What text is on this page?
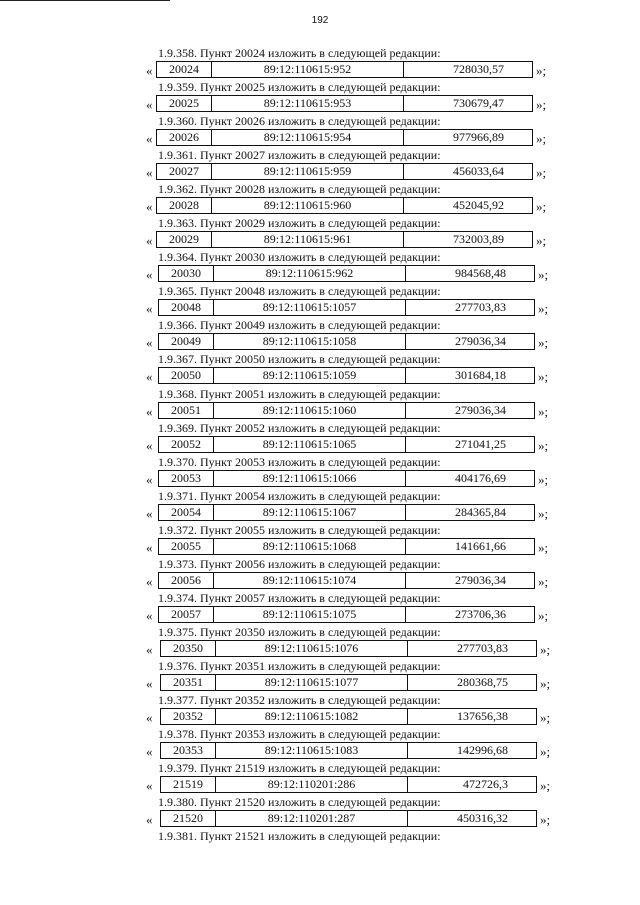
192
1.9.358. Пункт 20024 изложить в следующей редакции:
«	20024	89:12:110615:952	728030,57	»;
1.9.359. Пункт 20025 изложить в следующей редакции:
«	20025	89:12:110615:953	730679,47	»;
1.9.360. Пункт 20026 изложить в следующей редакции:
«	20026	89:12:110615:954	977966,89	»;
1.9.361. Пункт 20027 изложить в следующей редакции:
«	20027	89:12:110615:959	456033,64	»;
1.9.362. Пункт 20028 изложить в следующей редакции:
«	20028	89:12:110615:960	452045,92	»;
1.9.363. Пункт 20029 изложить в следующей редакции:
«	20029	89:12:110615:961	732003,89	»;
1.9.364. Пункт 20030 изложить в следующей редакции:
«	20030	89:12:110615:962	984568,48	»;
1.9.365. Пункт 20048 изложить в следующей редакции:
«	20048	89:12:110615:1057	277703,83	»;
1.9.366. Пункт 20049 изложить в следующей редакции:
«	20049	89:12:110615:1058	279036,34	»;
1.9.367. Пункт 20050 изложить в следующей редакции:
«	20050	89:12:110615:1059	301684,18	»;
1.9.368. Пункт 20051 изложить в следующей редакции:
«	20051	89:12:110615:1060	279036,34	»;
1.9.369. Пункт 20052 изложить в следующей редакции:
«	20052	89:12:110615:1065	271041,25	»;
1.9.370. Пункт 20053 изложить в следующей редакции:
«	20053	89:12:110615:1066	404176,69	»;
1.9.371. Пункт 20054 изложить в следующей редакции:
«	20054	89:12:110615:1067	284365,84	»;
1.9.372. Пункт 20055 изложить в следующей редакции:
«	20055	89:12:110615:1068	141661,66	»;
1.9.373. Пункт 20056 изложить в следующей редакции:
«	20056	89:12:110615:1074	279036,34	»;
1.9.374. Пункт 20057 изложить в следующей редакции:
«	20057	89:12:110615:1075	273706,36	»;
1.9.375. Пункт 20350 изложить в следующей редакции:
«	20350	89:12:110615:1076	277703,83	»;
1.9.376. Пункт 20351 изложить в следующей редакции:
«	20351	89:12:110615:1077	280368,75	»;
1.9.377. Пункт 20352 изложить в следующей редакции:
«	20352	89:12:110615:1082	137656,38	»;
1.9.378. Пункт 20353 изложить в следующей редакции:
«	20353	89:12:110615:1083	142996,68	»;
1.9.379. Пункт 21519 изложить в следующей редакции:
«	21519	89:12:110201:286	472726,3	»;
1.9.380. Пункт 21520 изложить в следующей редакции:
«	21520	89:12:110201:287	450316,32	»;
1.9.381. Пункт 21521 изложить в следующей редакции:
